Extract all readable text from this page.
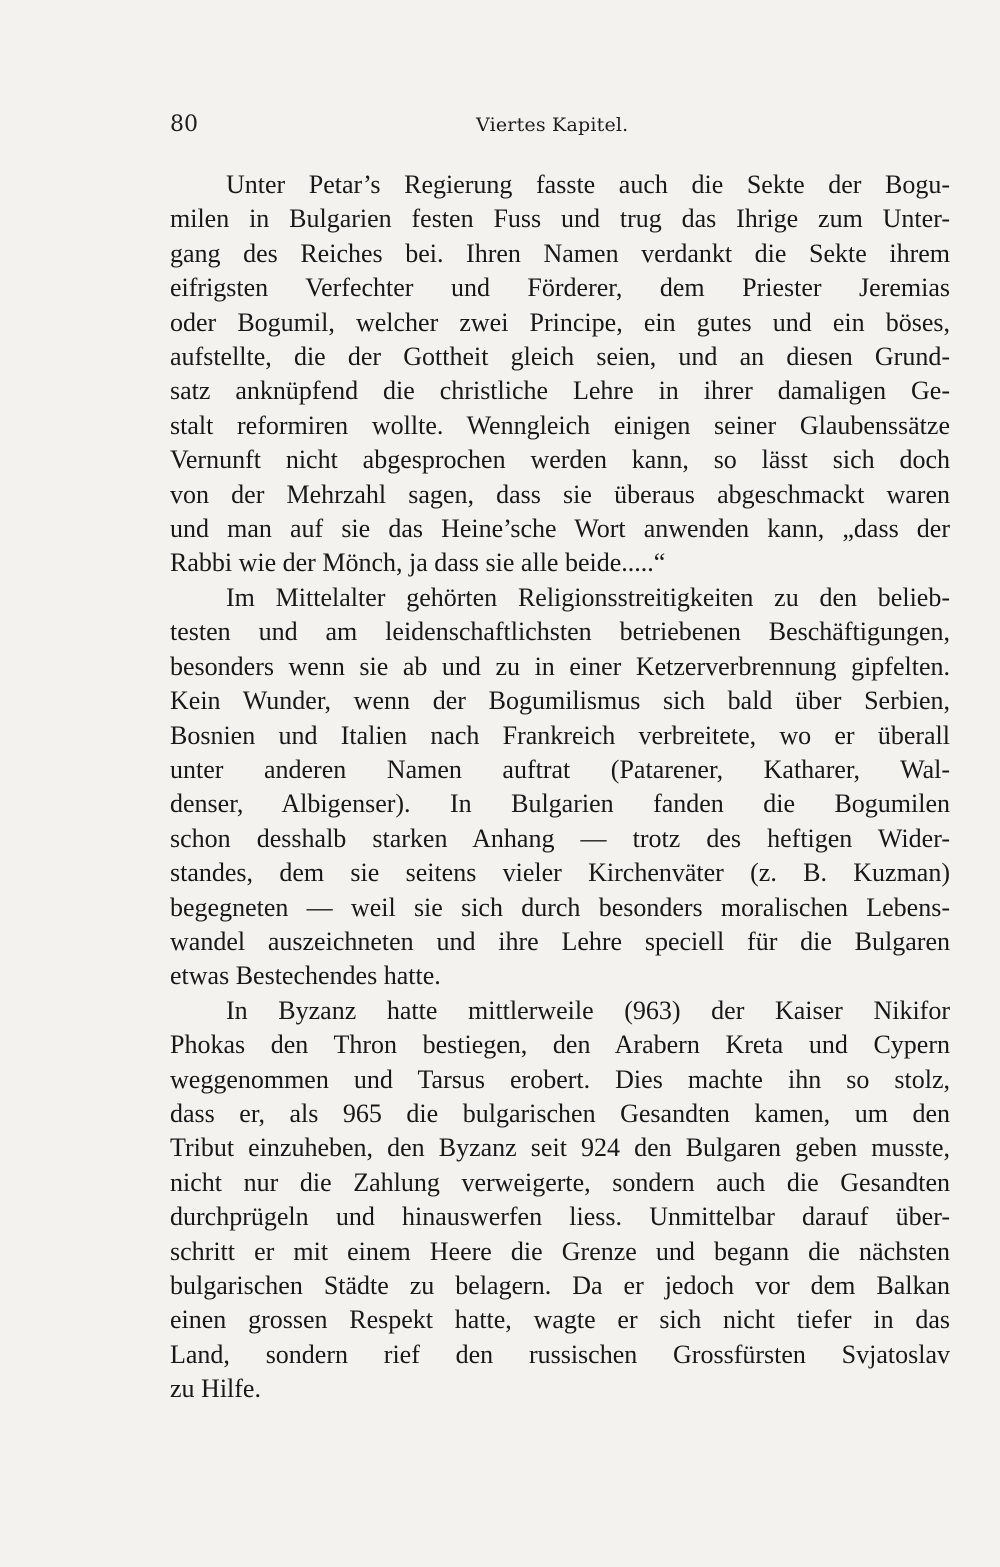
80	Viertes Kapitel.
Unter Petar’s Regierung fasste auch die Sekte der Bogu-
milen in Bulgarien festen Fuss und trug das Ihrige zum Unter-
gang des Reiches bei. Ihren Namen verdankt die Sekte ihrem
eifrigsten Verfechter und Förderer, dem Priester Jeremias
oder Bogumil, welcher zwei Principe, ein gutes und ein böses,
aufstellte, die der Gottheit gleich seien, und an diesen Grund-
satz anknüpfend die christliche Lehre in ihrer damaligen Ge-
stalt reformiren wollte. Wenngleich einigen seiner Glaubenssätze
Vernunft nicht abgesprochen werden kann, so lässt sich doch
von der Mehrzahl sagen, dass sie überaus abgeschmackt waren
und man auf sie das Heine’sche Wort anwenden kann, „dass der
Rabbi wie der Mönch, ja dass sie alle beide.....“
Im Mittelalter gehörten Religionsstreitigkeiten zu den belieb-
testen und am leidenschaftlichsten betriebenen Beschäftigungen,
besonders wenn sie ab und zu in einer Ketzerverbrennung gipfelten.
Kein Wunder, wenn der Bogumilismus sich bald über Serbien,
Bosnien und Italien nach Frankreich verbreitete, wo er überall
unter anderen Namen auftrat (Patarener, Katharer, Wal-
denser, Albigenser). In Bulgarien fanden die Bogumilen
schon desshalb starken Anhang — trotz des heftigen Wider-
standes, dem sie seitens vieler Kirchenväter (z. B. Kuzman)
begegneten — weil sie sich durch besonders moralischen Lebens-
wandel auszeichneten und ihre Lehre speciell für die Bulgaren
etwas Bestechendes hatte.
In Byzanz hatte mittlerweile (963) der Kaiser Nikifor
Phokas den Thron bestiegen, den Arabern Kreta und Cypern
weggenommen und Tarsus erobert. Dies machte ihn so stolz,
dass er, als 965 die bulgarischen Gesandten kamen, um den
Tribut einzuheben, den Byzanz seit 924 den Bulgaren geben musste,
nicht nur die Zahlung verweigerte, sondern auch die Gesandten
durchprügeln und hinauswerfen liess. Unmittelbar darauf über-
schritt er mit einem Heere die Grenze und begann die nächsten
bulgarischen Städte zu belagern. Da er jedoch vor dem Balkan
einen grossen Respekt hatte, wagte er sich nicht tiefer in das
Land, sondern rief den russischen Grossfürsten Svjatoslav
zu Hilfe.
